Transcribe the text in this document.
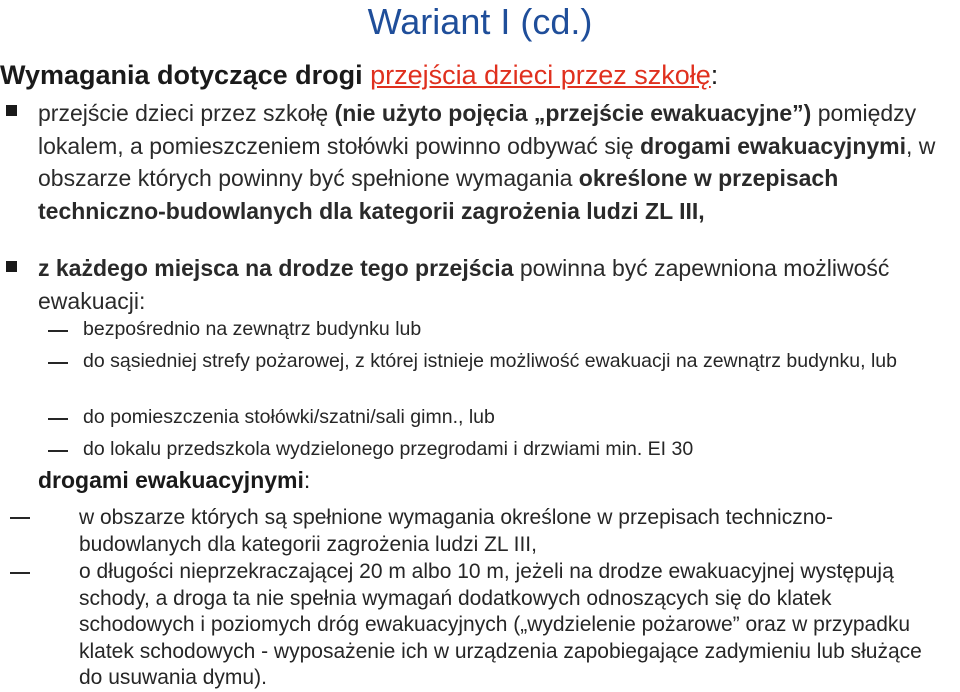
Wariant I (cd.)
Wymagania dotyczące drogi przejścia dzieci przez szkołę:
przejście dzieci przez szkołę (nie użyto pojęcia „przejście ewakuacyjne”) pomiędzy lokalem, a pomieszczeniem stołówki powinno odbywać się drogami ewakuacyjnymi, w obszarze których powinny być spełnione wymagania określone w przepisach techniczno-budowlanych dla kategorii zagrożenia ludzi ZL III,
z każdego miejsca na drodze tego przejścia powinna być zapewniona możliwość ewakuacji:
bezpośrednio na zewnątrz budynku lub
do sąsiedniej strefy pożarowej, z której istnieje możliwość ewakuacji na zewnątrz budynku, lub
do pomieszczenia stołówki/szatni/sali gimn., lub
do lokalu przedszkola wydzielonego przegrodami i drzwiami min. EI 30
drogami ewakuacyjnymi:
w obszarze których są spełnione wymagania określone w przepisach techniczno-budowlanych dla kategorii zagrożenia ludzi ZL III,
o długości nieprzekraczającej 20 m albo 10 m, jeżeli na drodze ewakuacyjnej występują schody, a droga ta nie spełnia wymagań dodatkowych odnoszących się do klatek schodowych i poziomych dróg ewakuacyjnych („wydzielenie pożarowe” oraz w przypadku klatek schodowych - wyposażenie ich w urządzenia zapobiegające zadymieniu lub służące do usuwania dymu).
